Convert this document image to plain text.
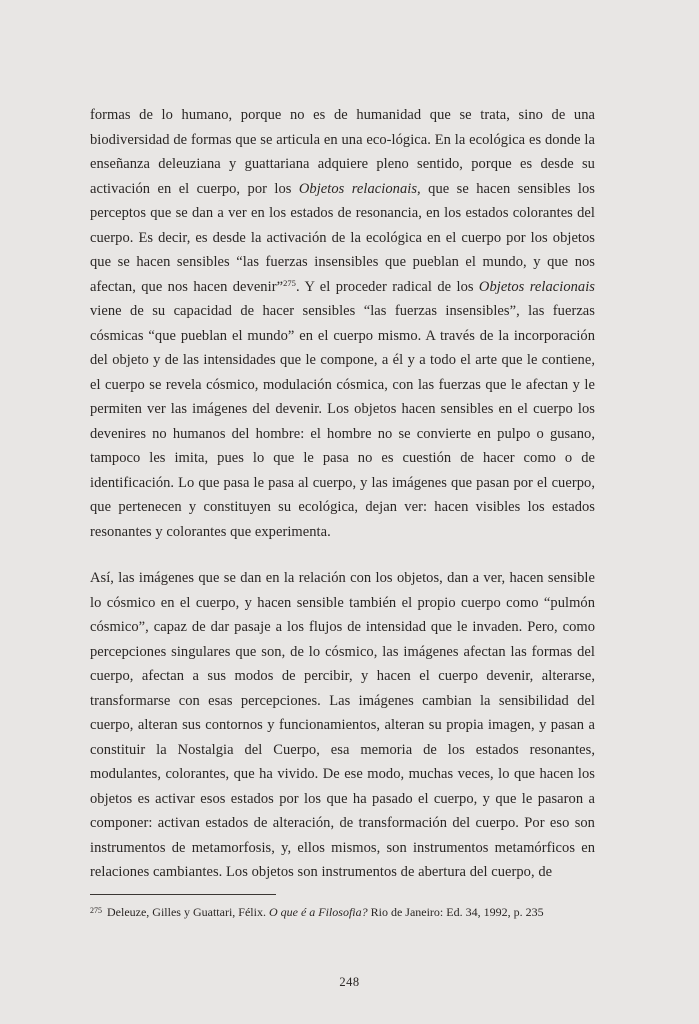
formas de lo humano, porque no es de humanidad que se trata, sino de una biodiversidad de formas que se articula en una eco-lógica. En la ecológica es donde la enseñanza deleuziana y guattariana adquiere pleno sentido, porque es desde su activación en el cuerpo, por los Objetos relacionais, que se hacen sensibles los perceptos que se dan a ver en los estados de resonancia, en los estados colorantes del cuerpo. Es decir, es desde la activación de la ecológica en el cuerpo por los objetos que se hacen sensibles “las fuerzas insensibles que pueblan el mundo, y que nos afectan, que nos hacen devenir”$^{275}$. Y el proceder radical de los Objetos relacionais viene de su capacidad de hacer sensibles “las fuerzas insensibles”, las fuerzas cósmicas “que pueblan el mundo” en el cuerpo mismo. A través de la incorporación del objeto y de las intensidades que le compone, a él y a todo el arte que le contiene, el cuerpo se revela cósmico, modulación cósmica, con las fuerzas que le afectan y le permiten ver las imágenes del devenir. Los objetos hacen sensibles en el cuerpo los devenires no humanos del hombre: el hombre no se convierte en pulpo o gusano, tampoco les imita, pues lo que le pasa no es cuestión de hacer como o de identificación. Lo que pasa le pasa al cuerpo, y las imágenes que pasan por el cuerpo, que pertenecen y constituyen su ecológica, dejan ver: hacen visibles los estados resonantes y colorantes que experimenta.

Así, las imágenes que se dan en la relación con los objetos, dan a ver, hacen sensible lo cósmico en el cuerpo, y hacen sensible también el propio cuerpo como “pulmón cósmico”, capaz de dar pasaje a los flujos de intensidad que le invaden. Pero, como percepciones singulares que son, de lo cósmico, las imágenes afectan las formas del cuerpo, afectan a sus modos de percibir, y hacen el cuerpo devenir, alterarse, transformarse con esas percepciones. Las imágenes cambian la sensibilidad del cuerpo, alteran sus contornos y funcionamientos, alteran su propia imagen, y pasan a constituir la Nostalgia del Cuerpo, esa memoria de los estados resonantes, modulantes, colorantes, que ha vivido. De ese modo, muchas veces, lo que hacen los objetos es activar esos estados por los que ha pasado el cuerpo, y que le pasaron a componer: activan estados de alteración, de transformación del cuerpo. Por eso son instrumentos de metamorfosis, y, ellos mismos, son instrumentos metamórficos en relaciones cambiantes. Los objetos son instrumentos de abertura del cuerpo, de

$^{275}$ Deleuze, Gilles y Guattari, Félix. O que é a Filosofia? Rio de Janeiro: Ed. 34, 1992, p. 235
248
